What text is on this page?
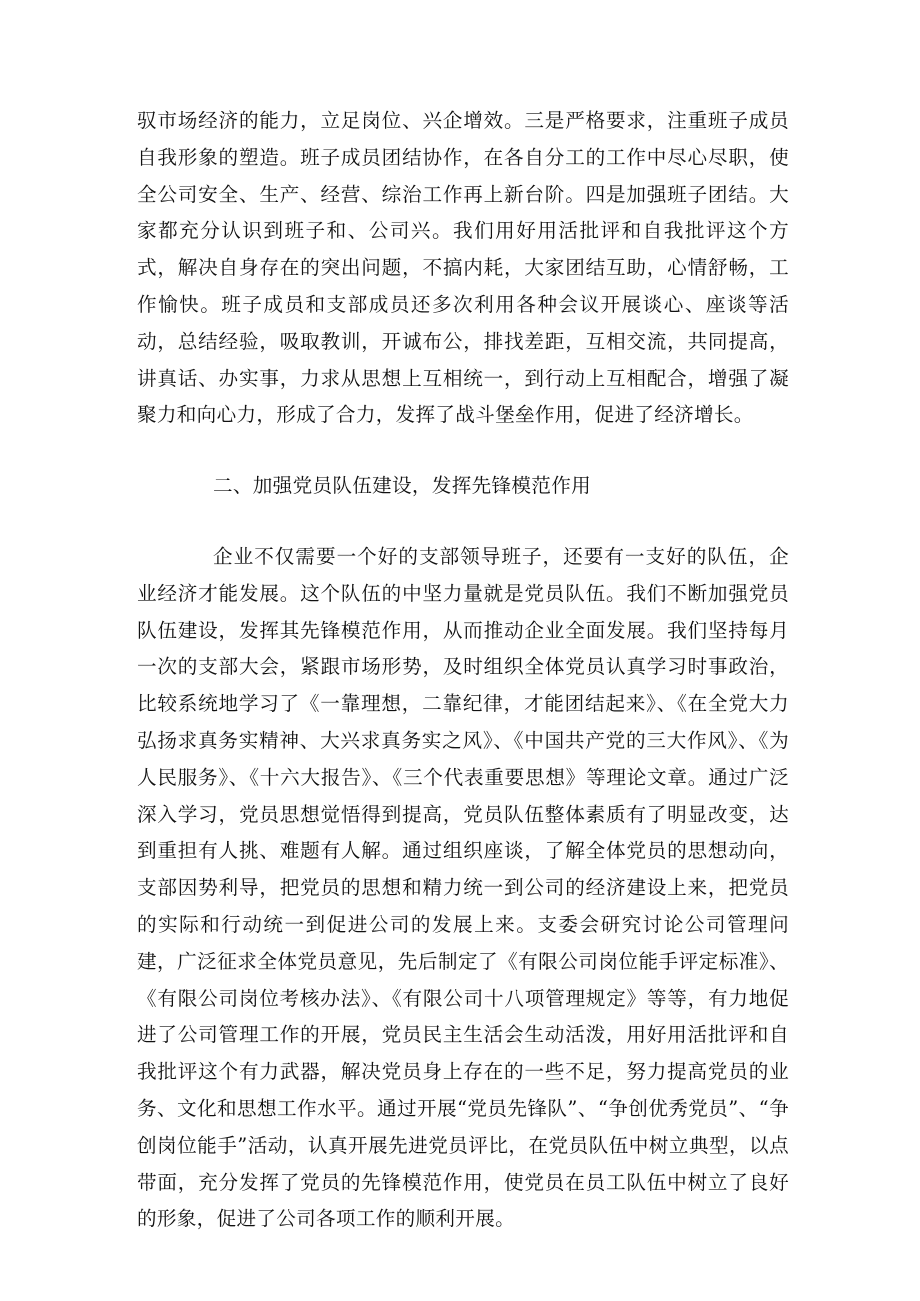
驭市场经济的能力，立足岗位、兴企增效。三是严格要求，注重班子成员自我形象的塑造。班子成员团结协作，在各自分工的工作中尽心尽职，使全公司安全、生产、经营、综治工作再上新台阶。四是加强班子团结。大家都充分认识到班子和、公司兴。我们用好用活批评和自我批评这个方式，解决自身存在的突出问题，不搞内耗，大家团结互助，心情舒畅，工作愉快。班子成员和支部成员还多次利用各种会议开展谈心、座谈等活动，总结经验，吸取教训，开诚布公，排找差距，互相交流，共同提高，讲真话、办实事，力求从思想上互相统一，到行动上互相配合，增强了凝聚力和向心力，形成了合力，发挥了战斗堡垒作用，促进了经济增长。

二、加强党员队伍建设，发挥先锋模范作用

企业不仅需要一个好的支部领导班子，还要有一支好的队伍，企业经济才能发展。这个队伍的中坚力量就是党员队伍。我们不断加强党员队伍建设，发挥其先锋模范作用，从而推动企业全面发展。我们坚持每月一次的支部大会，紧跟市场形势，及时组织全体党员认真学习时事政治，比较系统地学习了《一靠理想，二靠纪律，才能团结起来》、《在全党大力弘扬求真务实精神、大兴求真务实之风》、《中国共产党的三大作风》、《为人民服务》、《十六大报告》、《三个代表重要思想》等理论文章。通过广泛深入学习，党员思想觉悟得到提高，党员队伍整体素质有了明显改变，达到重担有人挑、难题有人解。通过组织座谈，了解全体党员的思想动向，支部因势利导，把党员的思想和精力统一到公司的经济建设上来，把党员的实际和行动统一到促进公司的发展上来。支委会研究讨论公司管理问建，广泛征求全体党员意见，先后制定了《有限公司岗位能手评定标准》、《有限公司岗位考核办法》、《有限公司十八项管理规定》等等，有力地促进了公司管理工作的开展，党员民主生活会生动活泼，用好用活批评和自我批评这个有力武器，解决党员身上存在的一些不足，努力提高党员的业务、文化和思想工作水平。通过开展“党员先锋队”、“争创优秀党员”、“争创岗位能手”活动，认真开展先进党员评比，在党员队伍中树立典型，以点带面，充分发挥了党员的先锋模范作用，使党员在员工队伍中树立了良好的形象，促进了公司各项工作的顺利开展。
